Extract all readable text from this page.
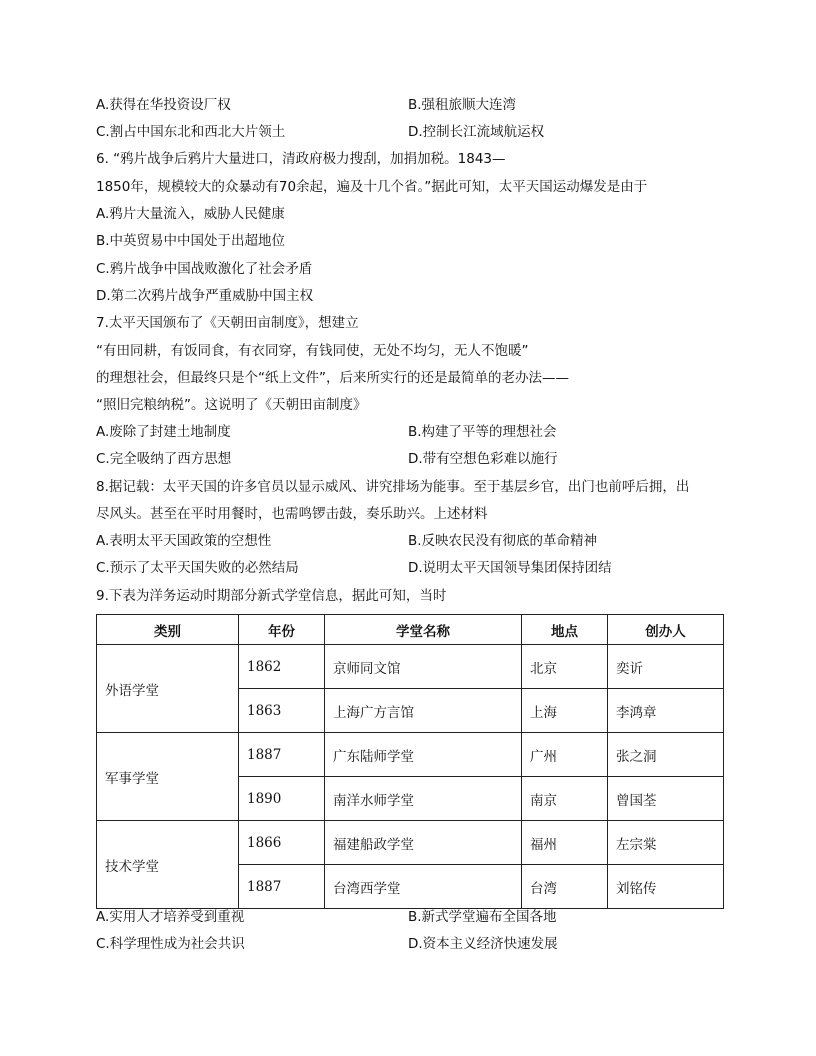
A.获得在华投资设厂权	B.强租旅顺大连湾
C.割占中国东北和西北大片领土	D.控制长江流域航运权
6. “鸦片战争后鸦片大量进口，清政府极力搜刮，加捐加税。1843—
1850年，规模较大的众暴动有70余起，遍及十几个省。”据此可知，太平天国运动爆发是由于
A.鸦片大量流入，威胁人民健康
B.中英贸易中中国处于出超地位
C.鸦片战争中国战败激化了社会矛盾
D.第二次鸦片战争严重威胁中国主权
7.太平天国颁布了《天朝田亩制度》，想建立
“有田同耕，有饭同食，有衣同穿，有钱同使，无处不均匀，无人不饱暖”
的理想社会，但最终只是个“纸上文件”，后来所实行的还是最简单的老办法——
“照旧完粮纳税”。这说明了《天朝田亩制度》
A.废除了封建土地制度	B.构建了平等的理想社会
C.完全吸纳了西方思想	D.带有空想色彩难以施行
8.据记载：太平天国的许多官员以显示威风、讲究排场为能事。至于基层乡官，出门也前呼后拥，出
尽风头。甚至在平时用餐时，也需鸣锣击鼓，奏乐助兴。上述材料
A.表明太平天国政策的空想性	B.反映农民没有彻底的革命精神
C.预示了太平天国失败的必然结局	D.说明太平天国领导集团保持团结
9.下表为洋务运动时期部分新式学堂信息，据此可知，当时
类别	年份	学堂名称	地点	创办人
外语学堂	1862	京师同文馆	北京	奕䜣
	1863	上海广方言馆	上海	李鸿章
军事学堂	1887	广东陆师学堂	广州	张之洞
	1890	南洋水师学堂	南京	曾国荃
技术学堂	1866	福建船政学堂	福州	左宗棠
	1887	台湾西学堂	台湾	刘铭传
A.实用人才培养受到重视	B.新式学堂遍布全国各地
C.科学理性成为社会共识	D.资本主义经济快速发展
